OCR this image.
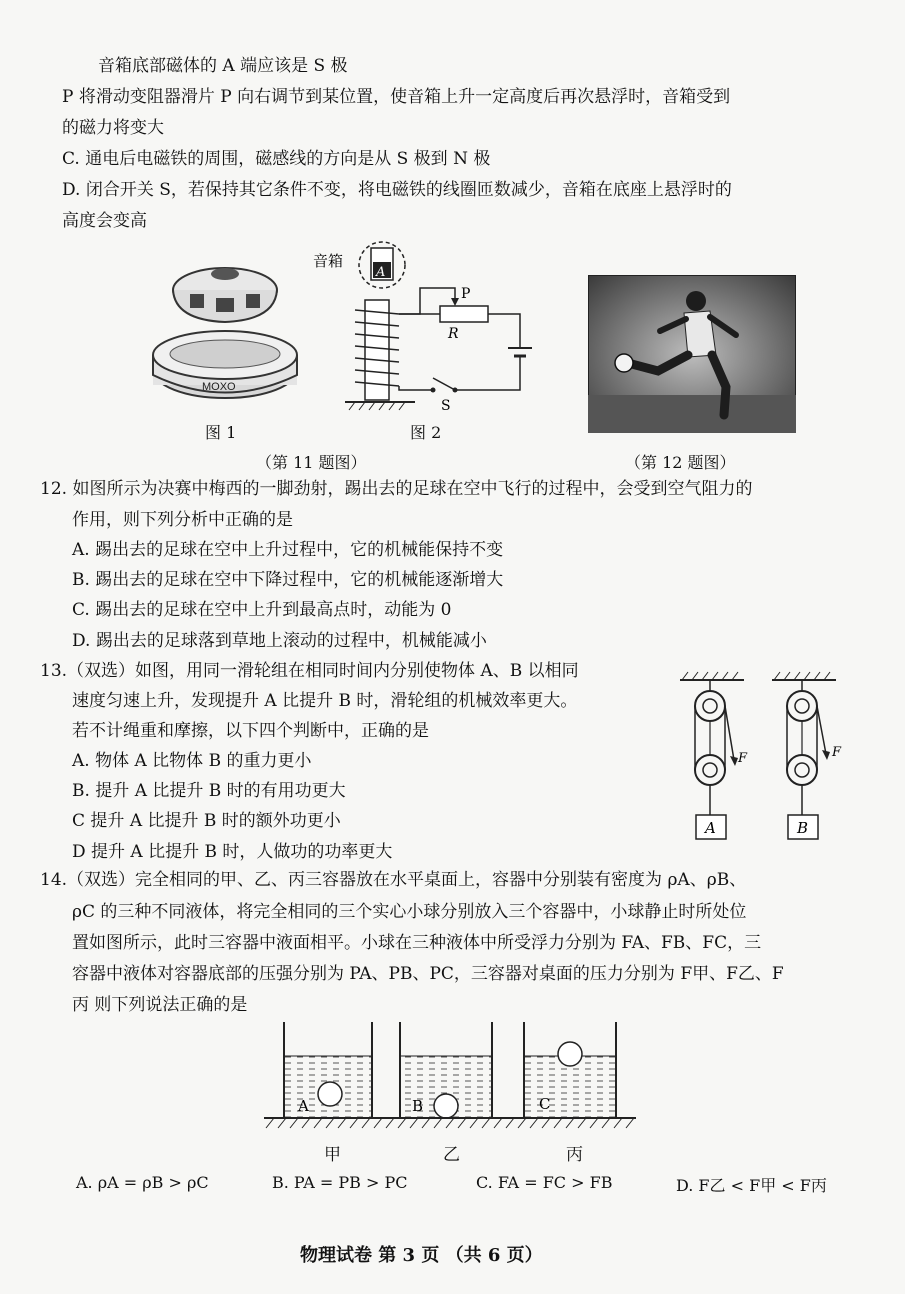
音箱底部磁体的 A 端应该是 S 极
P 将滑动变阻器滑片 P 向右调节到某位置，使音箱上升一定高度后再次悬浮时，音箱受到
的磁力将变大
C. 通电后电磁铁的周围，磁感线的方向是从 S 极到 N 极
D. 闭合开关 S，若保持其它条件不变，将电磁铁的线圈匝数减少，音箱在底座上悬浮时的
高度会变高
MOXO
图 1
音箱
A
P
R
S
图 2
（第 11 题图）	（第 12 题图）
12. 如图所示为决赛中梅西的一脚劲射，踢出去的足球在空中飞行的过程中，会受到空气阻力的
作用，则下列分析中正确的是
A. 踢出去的足球在空中上升过程中，它的机械能保持不变
B. 踢出去的足球在空中下降过程中，它的机械能逐渐增大
C. 踢出去的足球在空中上升到最高点时，动能为 0
D. 踢出去的足球落到草地上滚动的过程中，机械能减小
13.（双选）如图，用同一滑轮组在相同时间内分别使物体 A、B 以相同
速度匀速上升，发现提升 A 比提升 B 时，滑轮组的机械效率更大。
若不计绳重和摩擦，以下四个判断中，正确的是
A. 物体 A 比物体 B 的重力更小
B. 提升 A 比提升 B 时的有用功更大
C 提升 A 比提升 B 时的额外功更小
D 提升 A 比提升 B 时，人做功的功率更大
F
A
F
B
14.（双选）完全相同的甲、乙、丙三容器放在水平桌面上，容器中分别装有密度为 ρA、ρB、
ρC 的三种不同液体，将完全相同的三个实心小球分别放入三个容器中，小球静止时所处位
置如图所示，此时三容器中液面相平。小球在三种液体中所受浮力分别为 FA、FB、FC，三
容器中液体对容器底部的压强分别为 PA、PB、PC，三容器对桌面的压力分别为 F甲、F乙、F
丙 则下列说法正确的是
A	B	C
甲	乙	丙
A. ρA = ρB > ρC	B. PA = PB > PC	C. FA = FC > FB	D. F乙 < F甲 < F丙
物理试卷 第 3 页 （共 6 页）
